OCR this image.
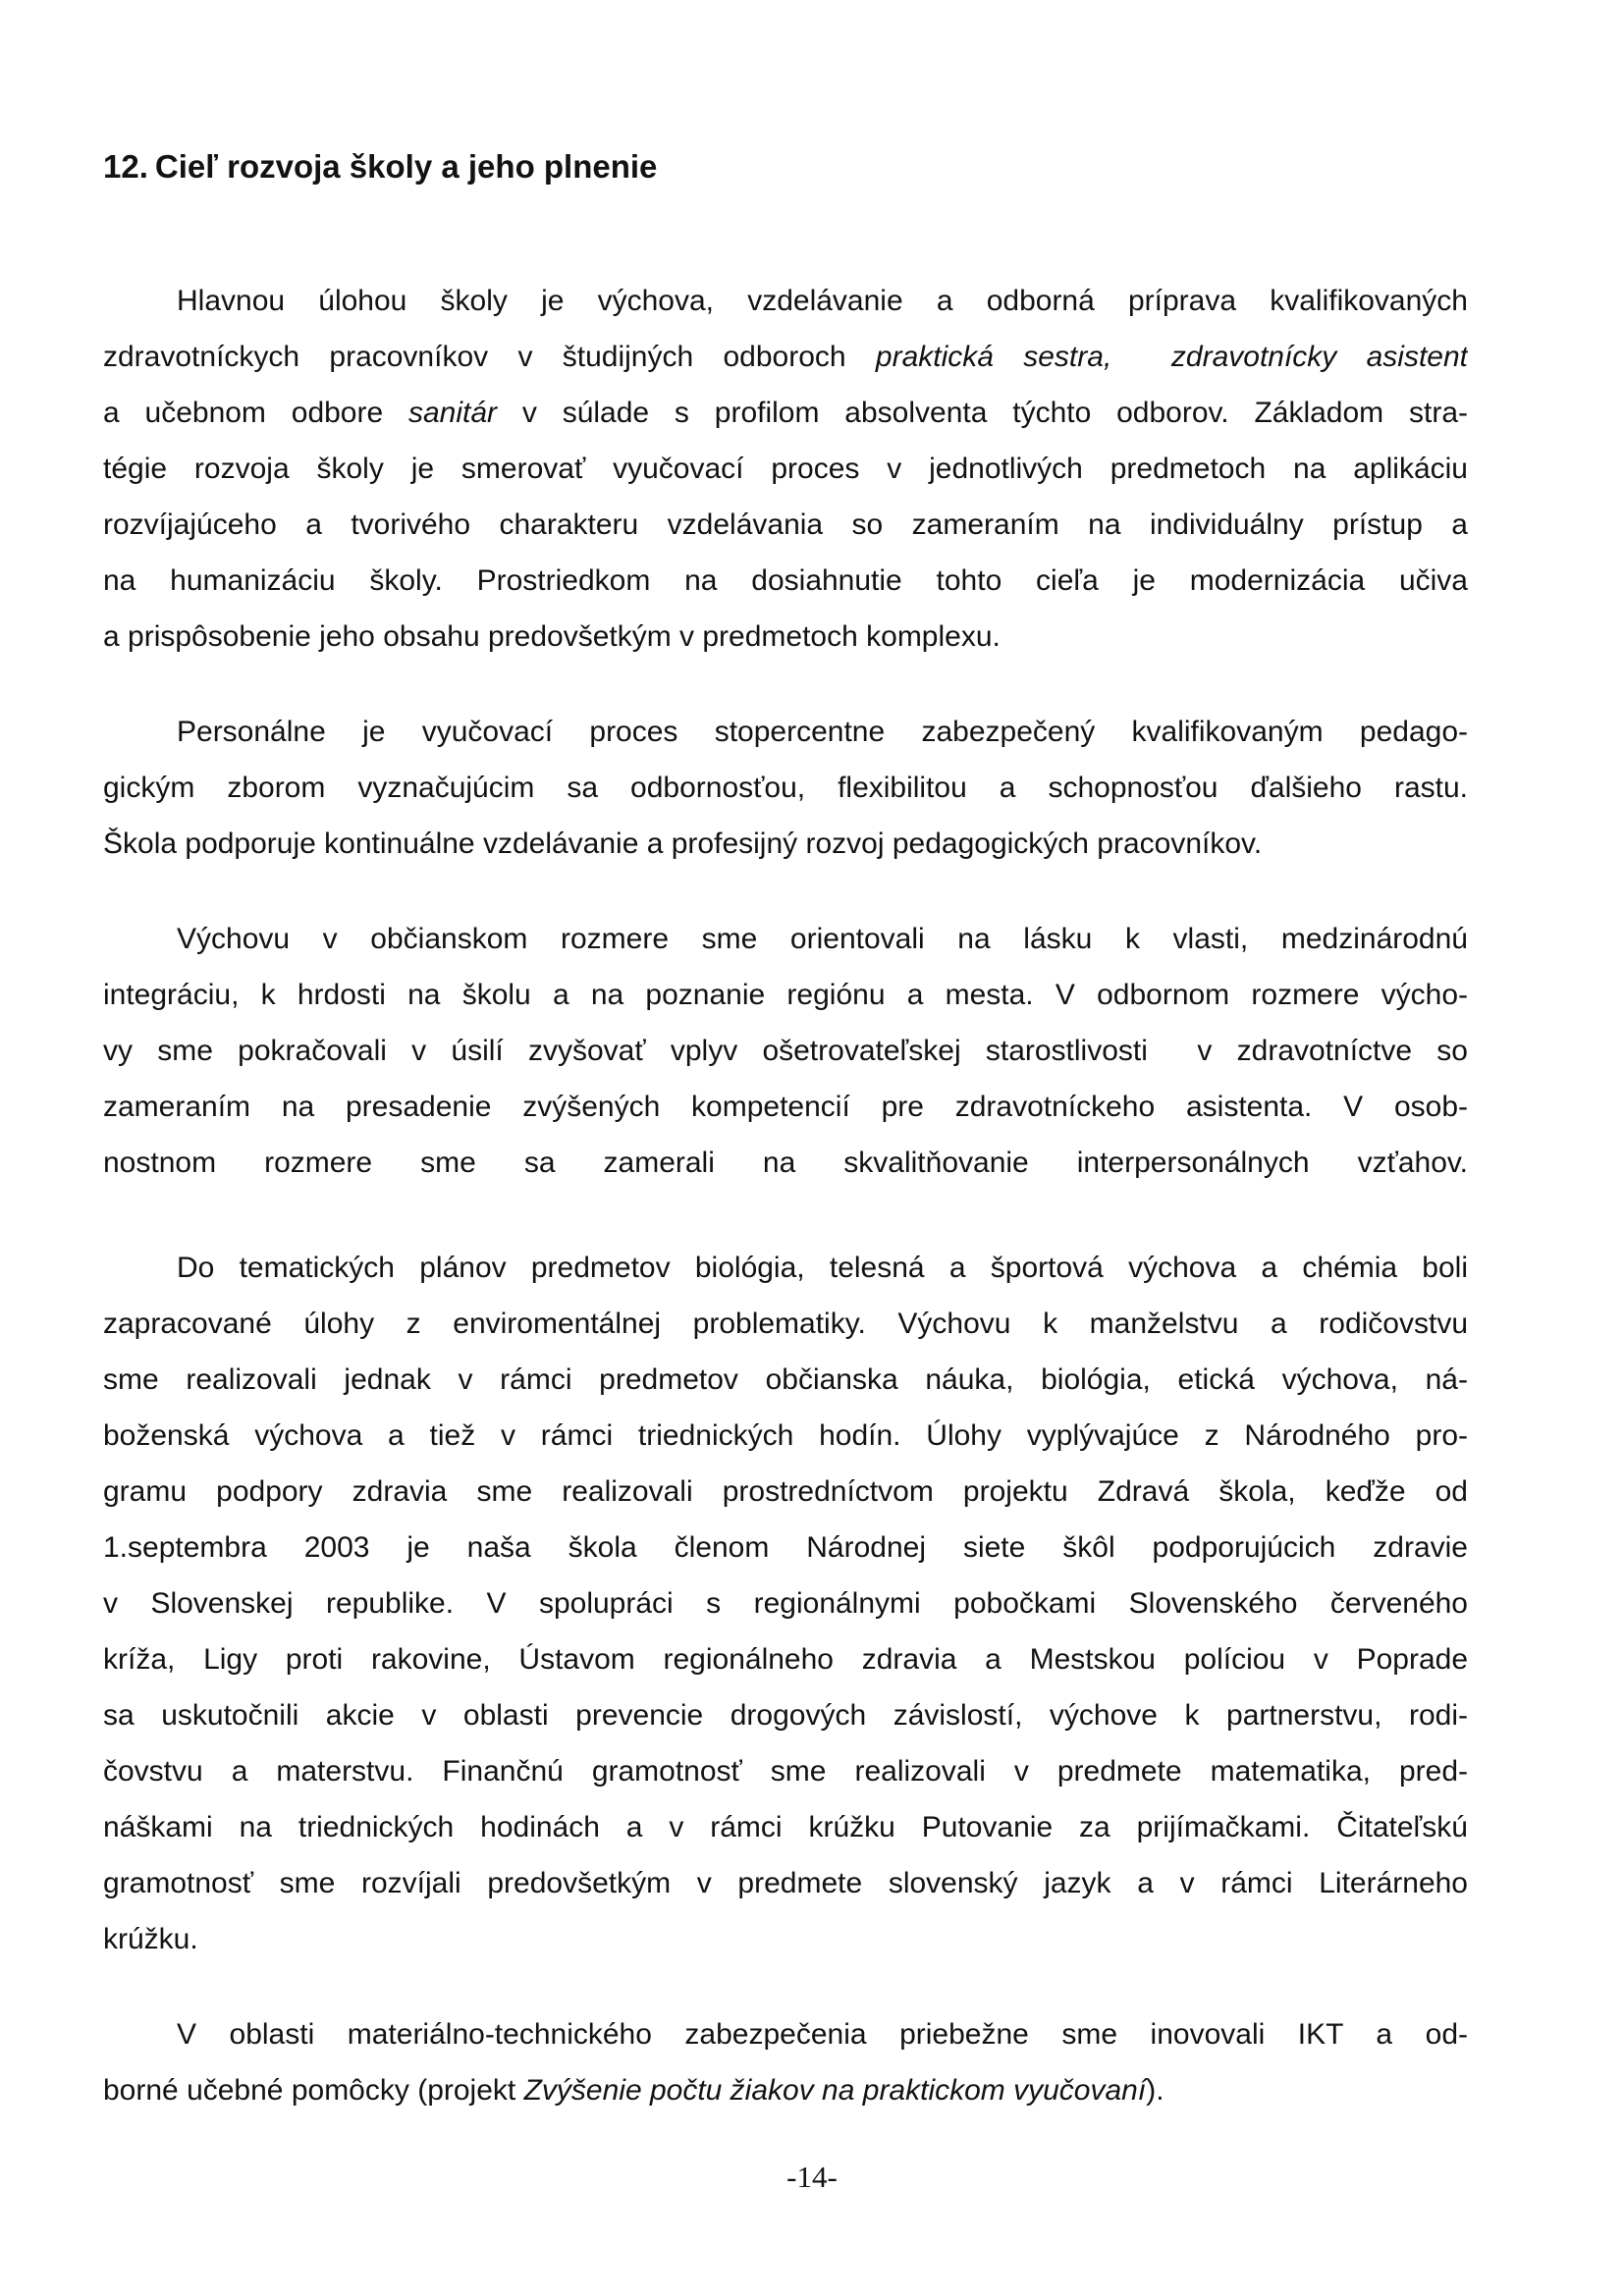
12. Cieľ rozvoja školy a jeho plnenie
Hlavnou úlohou školy je výchova, vzdelávanie a odborná príprava kvalifikovaných
zdravotníckych pracovníkov v študijných odboroch praktická sestra, zdravotnícky asistent
a učebnom odbore sanitár v súlade s profilom absolventa týchto odborov. Základom stra-
tégie rozvoja školy je smerovať vyučovací proces v jednotlivých predmetoch na aplikáciu
rozvíjajúceho a tvorivého charakteru vzdelávania so zameraním na individuálny prístup a
na humanizáciu školy. Prostriedkom na dosiahnutie tohto cieľa je modernizácia učiva
a prispôsobenie jeho obsahu predovšetkým v predmetoch komplexu.
Personálne je vyučovací proces stopercentne zabezpečený kvalifikovaným pedago-
gickým zborom vyznačujúcim sa odbornosťou, flexibilitou a schopnosťou ďalšieho rastu.
Škola podporuje kontinuálne vzdelávanie a profesijný rozvoj pedagogických pracovníkov.
Výchovu v občianskom rozmere sme orientovali na lásku k vlasti, medzinárodnú
integráciu, k hrdosti na školu a na poznanie regiónu a mesta. V odbornom rozmere výcho-
vy sme pokračovali v úsilí zvyšovať vplyv ošetrovateľskej starostlivosti  v zdravotníctve so
zameraním na presadenie zvýšených kompetencií pre zdravotníckeho asistenta. V osob-
nostnom rozmere sme sa zamerali na skvalitňovanie interpersonálnych vzťahov.
Do tematických plánov predmetov biológia, telesná a športová výchova a chémia boli
zapracované úlohy z enviromentálnej problematiky. Výchovu k manželstvu a rodičovstvu
sme realizovali jednak v rámci predmetov občianska náuka, biológia, etická výchova, ná-
boženská výchova a tiež v rámci triednických hodín. Úlohy vyplývajúce z Národného pro-
gramu podpory zdravia sme realizovali prostredníctvom projektu Zdravá škola, keďže od
1.septembra 2003 je naša škola členom Národnej siete škôl podporujúcich zdravie
v Slovenskej republike. V spolupráci s regionálnymi pobočkami Slovenského červeného
kríža, Ligy proti rakovine, Ústavom regionálneho zdravia a Mestskou políciou v Poprade
sa uskutočnili akcie v oblasti prevencie drogových závislostí, výchove k partnerstvu, rodi-
čovstvu a materstvu. Finančnú gramotnosť sme realizovali v predmete matematika, pred-
náškami na triednických hodinách a v rámci krúžku Putovanie za prijímačkami. Čitateľskú
gramotnosť sme rozvíjali predovšetkým v predmete slovenský jazyk a v rámci Literárneho
krúžku.
V oblasti materiálno-technického zabezpečenia priebežne sme inovovali IKT a od-
borné učebné pomôcky (projekt Zvýšenie počtu žiakov na praktickom vyučovaní).
-14-
